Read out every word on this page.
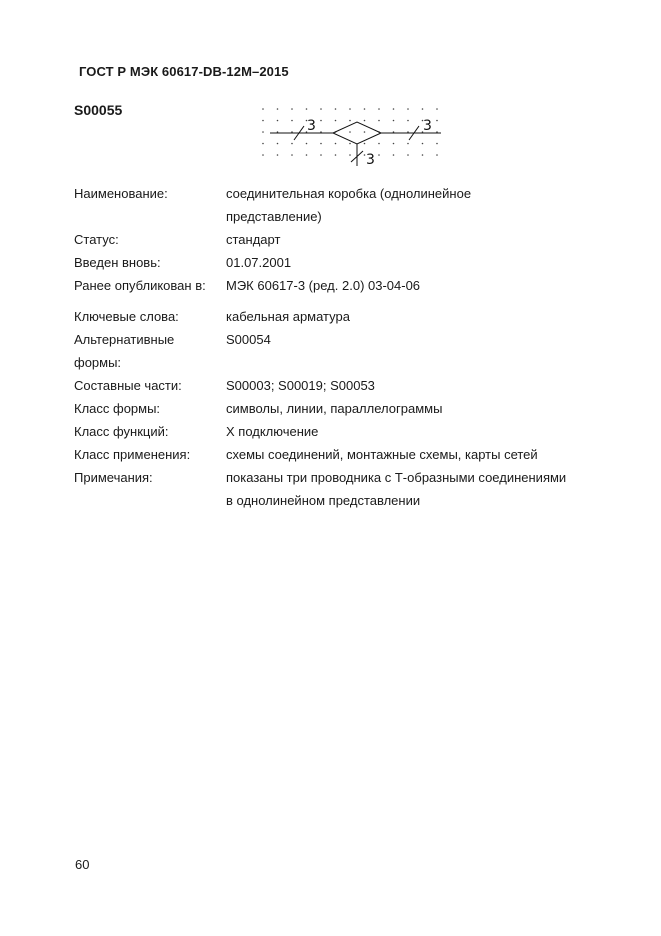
ГОСТ Р МЭК 60617-DB-12M–2015
S00055
3	3
3
Наименование:	соединительная коробка (однолинейное
представление)
Статус:	стандарт
Введен вновь:	01.07.2001
Ранее опубликован в:	МЭК 60617-3 (ред. 2.0) 03-04-06
Ключевые слова:	кабельная арматура
Альтернативные	S00054
формы:
Составные части:	S00003; S00019; S00053
Класс формы:	символы, линии, параллелограммы
Класс функций:	X подключение
Класс применения:	схемы соединений, монтажные схемы, карты сетей
Примечания:	показаны три проводника с Т-образными соединениями
в однолинейном представлении
60
